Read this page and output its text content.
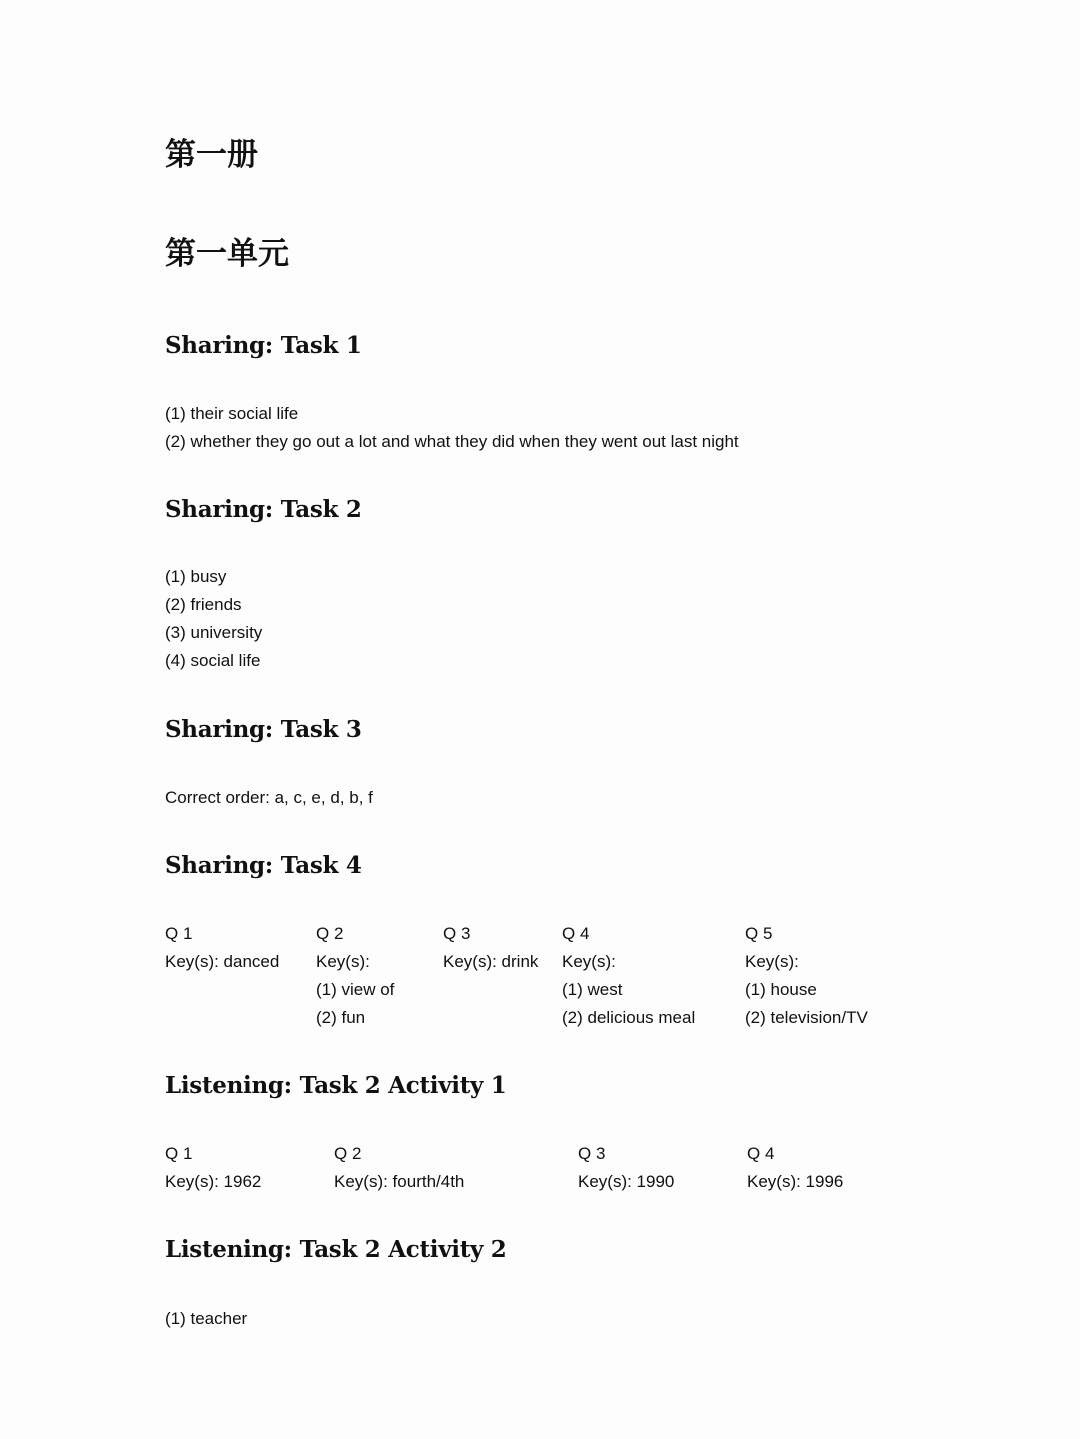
第一册
第一单元
Sharing: Task 1
(1) their social life
(2) whether they go out a lot and what they did when they went out last night
Sharing: Task 2
(1) busy
(2) friends
(3) university
(4) social life
Sharing: Task 3
Correct order: a, c, e, d, b, f
Sharing: Task 4
Q 1
Key(s): danced
Q 2
Key(s):
(1) view of
(2) fun
Q 3
Key(s): drink
Q 4
Key(s):
(1) west
(2) delicious meal
Q 5
Key(s):
(1) house
(2) television/TV
Listening: Task 2 Activity 1
Q 1
Key(s): 1962
Q 2
Key(s): fourth/4th
Q 3
Key(s): 1990
Q 4
Key(s): 1996
Listening: Task 2 Activity 2
(1) teacher
